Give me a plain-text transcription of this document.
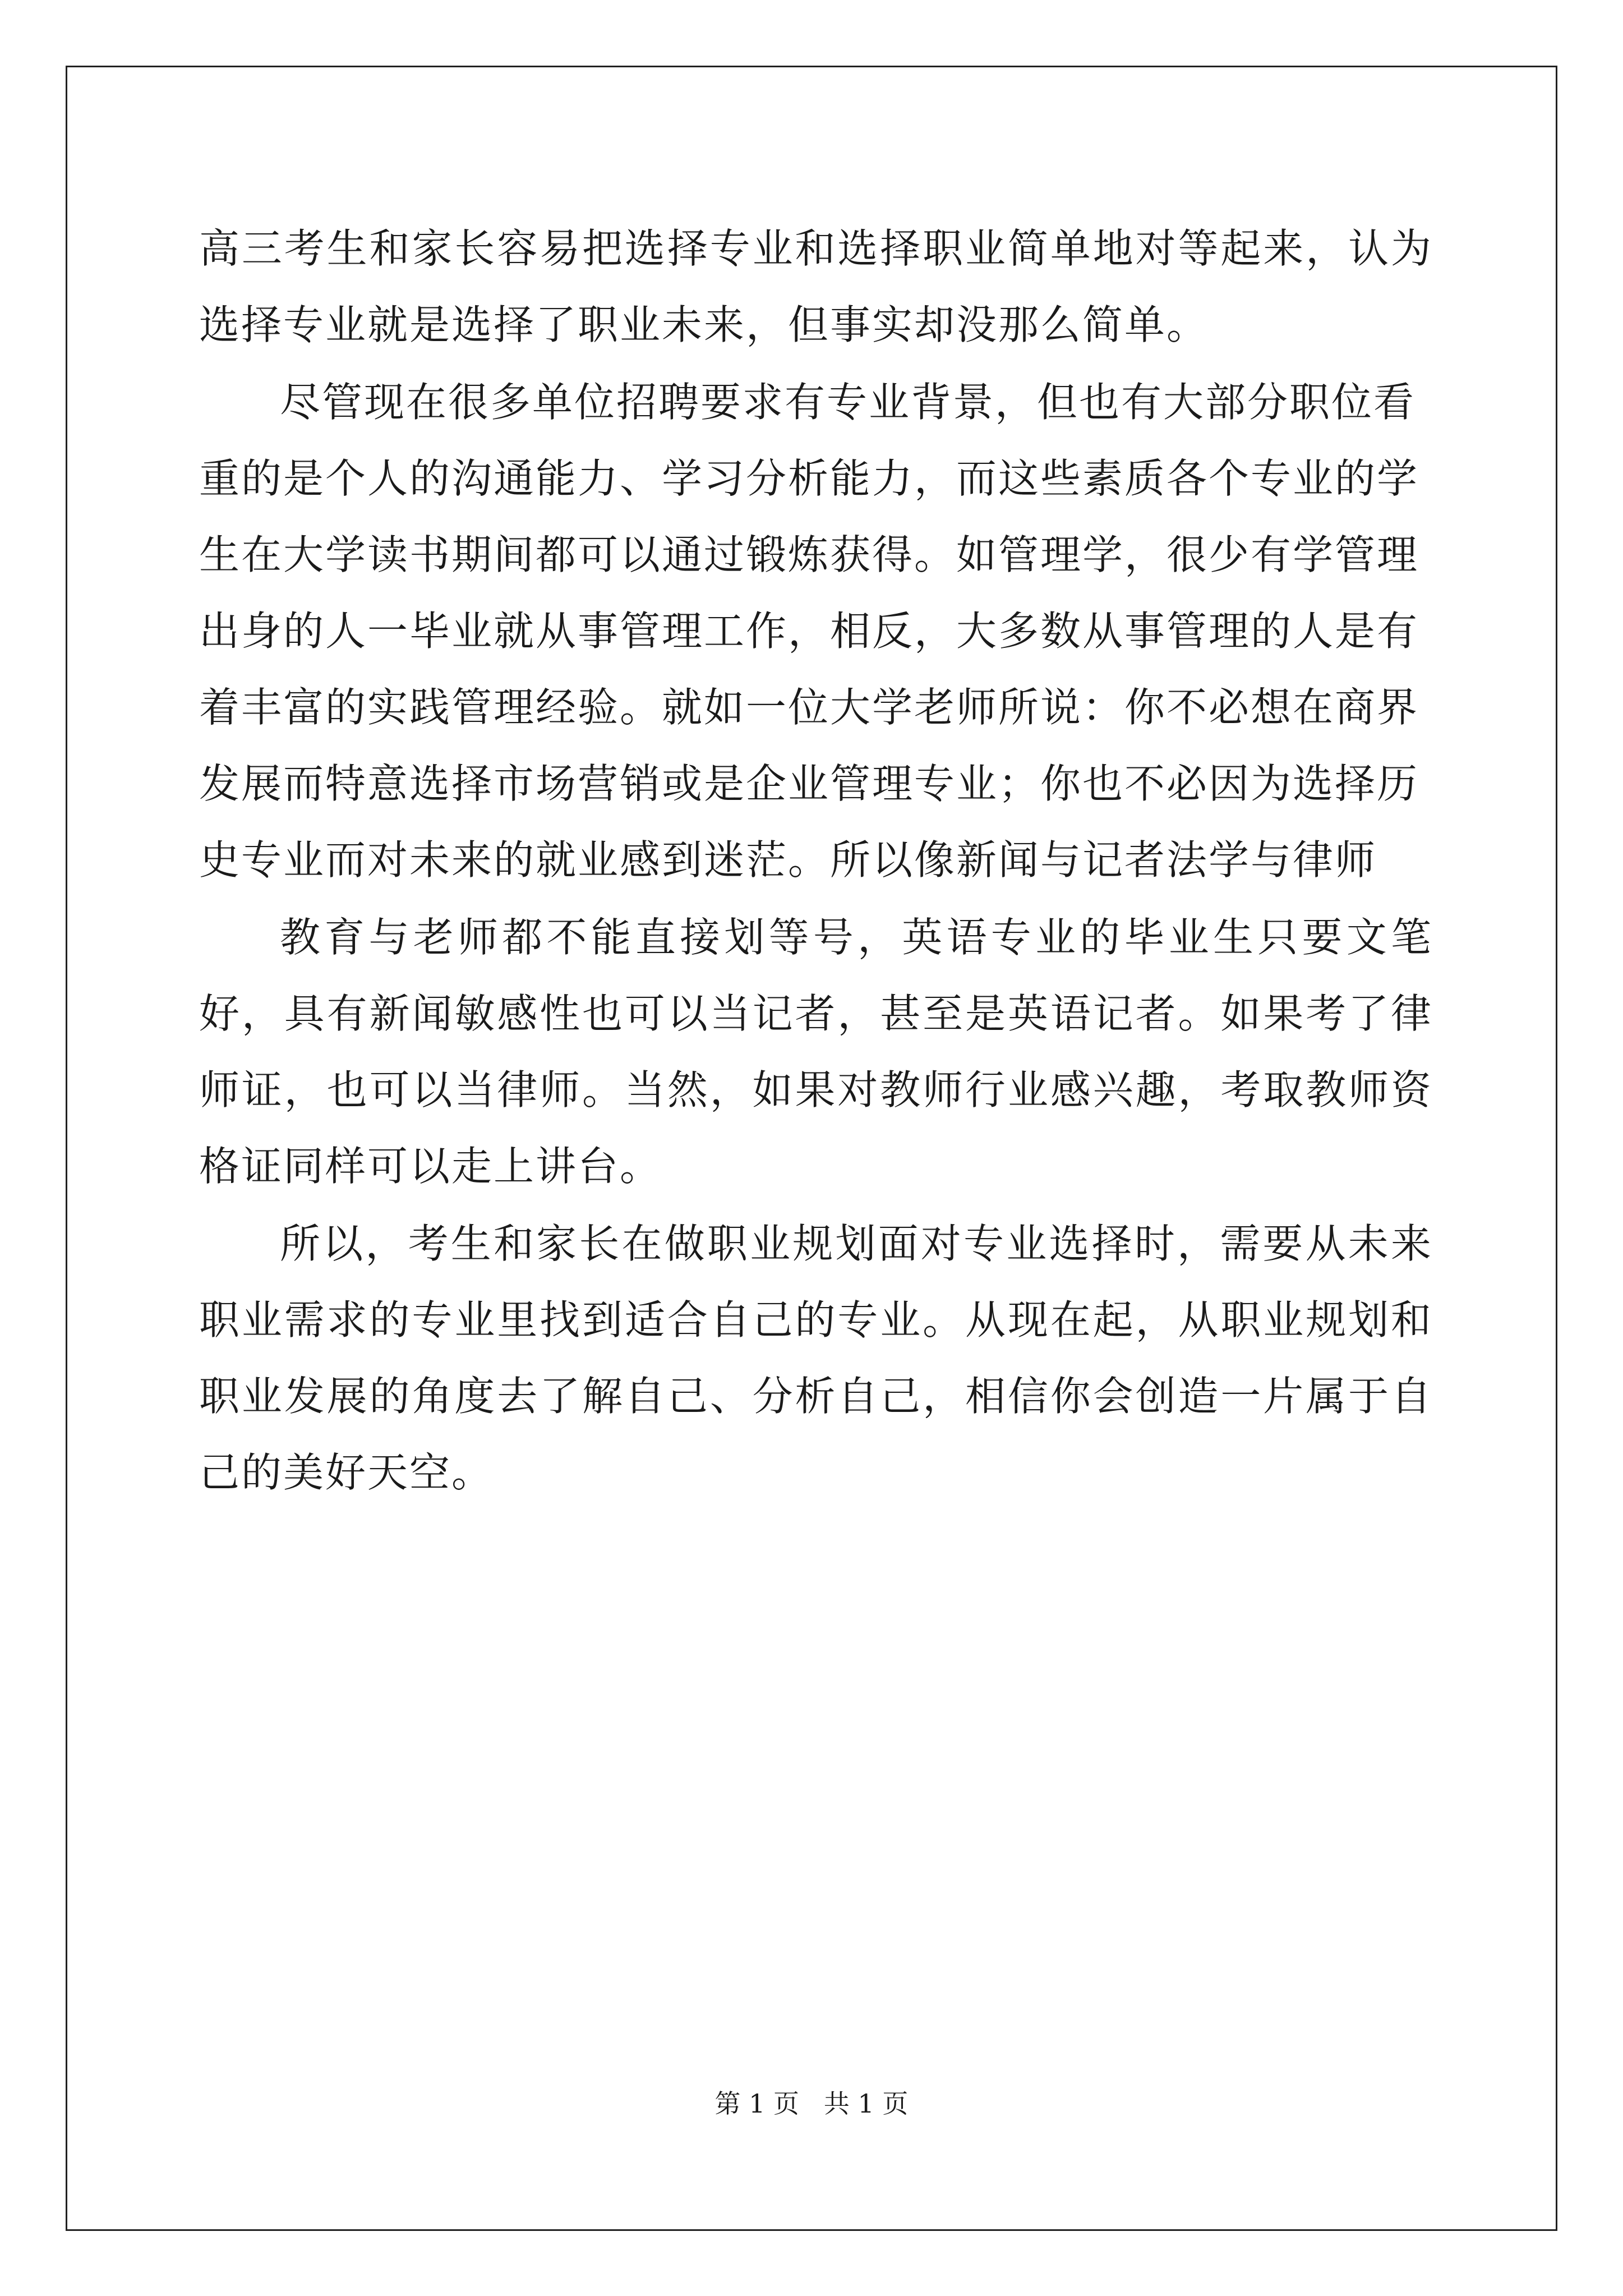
高三考生和家长容易把选择专业和选择职业简单地对等起来，认为选择专业就是选择了职业未来，但事实却没那么简单。

尽管现在很多单位招聘要求有专业背景，但也有大部分职位看重的是个人的沟通能力、学习分析能力，而这些素质各个专业的学生在大学读书期间都可以通过锻炼获得。如管理学，很少有学管理出身的人一毕业就从事管理工作，相反，大多数从事管理的人是有着丰富的实践管理经验。就如一位大学老师所说：你不必想在商界发展而特意选择市场营销或是企业管理专业；你也不必因为选择历史专业而对未来的就业感到迷茫。所以像新闻与记者法学与律师

教育与老师都不能直接划等号，英语专业的毕业生只要文笔好，具有新闻敏感性也可以当记者，甚至是英语记者。如果考了律师证，也可以当律师。当然，如果对教师行业感兴趣，考取教师资格证同样可以走上讲台。

所以，考生和家长在做职业规划面对专业选择时，需要从未来职业需求的专业里找到适合自己的专业。从现在起，从职业规划和职业发展的角度去了解自己、分析自己，相信你会创造一片属于自己的美好天空。

第 1 页   共 1 页
